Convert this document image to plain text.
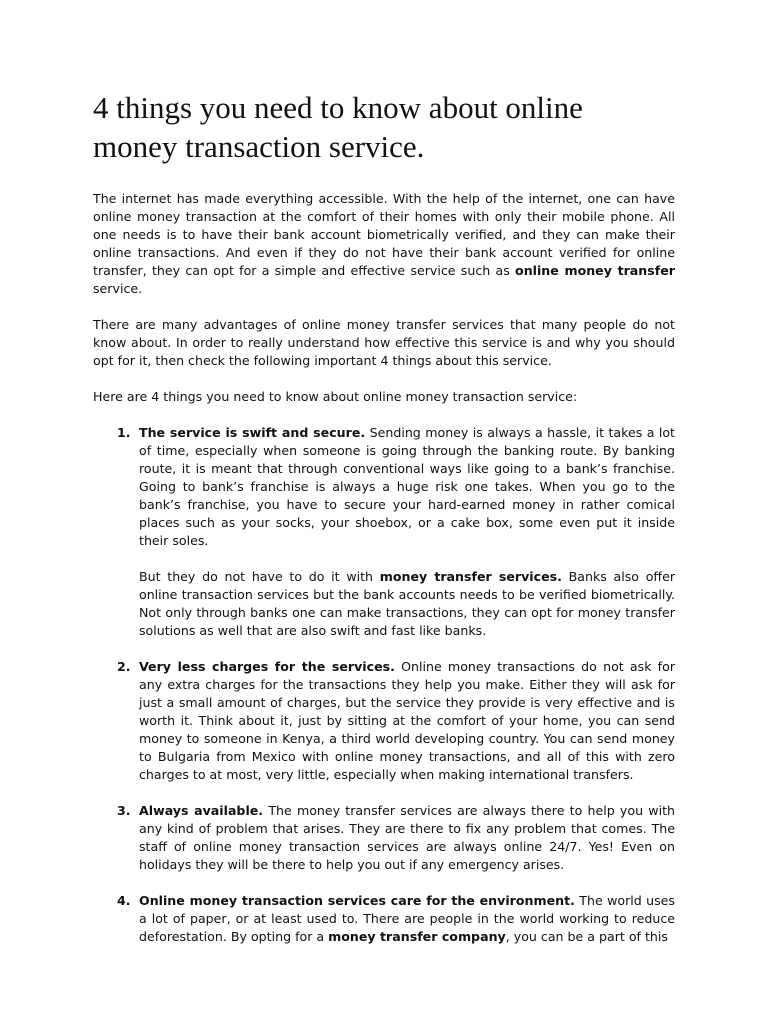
4 things you need to know about online money transaction service.

The internet has made everything accessible. With the help of the internet, one can have online money transaction at the comfort of their homes with only their mobile phone. All one needs is to have their bank account biometrically verified, and they can make their online transactions. And even if they do not have their bank account verified for online transfer, they can opt for a simple and effective service such as online money transfer service.

There are many advantages of online money transfer services that many people do not know about. In order to really understand how effective this service is and why you should opt for it, then check the following important 4 things about this service.

Here are 4 things you need to know about online money transaction service:

1. The service is swift and secure. Sending money is always a hassle, it takes a lot of time, especially when someone is going through the banking route. By banking route, it is meant that through conventional ways like going to a bank’s franchise. Going to bank’s franchise is always a huge risk one takes. When you go to the bank’s franchise, you have to secure your hard-earned money in rather comical places such as your socks, your shoebox, or a cake box, some even put it inside their soles.

But they do not have to do it with money transfer services. Banks also offer online transaction services but the bank accounts needs to be verified biometrically. Not only through banks one can make transactions, they can opt for money transfer solutions as well that are also swift and fast like banks.

2. Very less charges for the services. Online money transactions do not ask for any extra charges for the transactions they help you make. Either they will ask for just a small amount of charges, but the service they provide is very effective and is worth it. Think about it, just by sitting at the comfort of your home, you can send money to someone in Kenya, a third world developing country. You can send money to Bulgaria from Mexico with online money transactions, and all of this with zero charges to at most, very little, especially when making international transfers.

3. Always available. The money transfer services are always there to help you with any kind of problem that arises. They are there to fix any problem that comes. The staff of online money transaction services are always online 24/7. Yes! Even on holidays they will be there to help you out if any emergency arises.

4. Online money transaction services care for the environment. The world uses a lot of paper, or at least used to. There are people in the world working to reduce deforestation. By opting for a money transfer company, you can be a part of this
